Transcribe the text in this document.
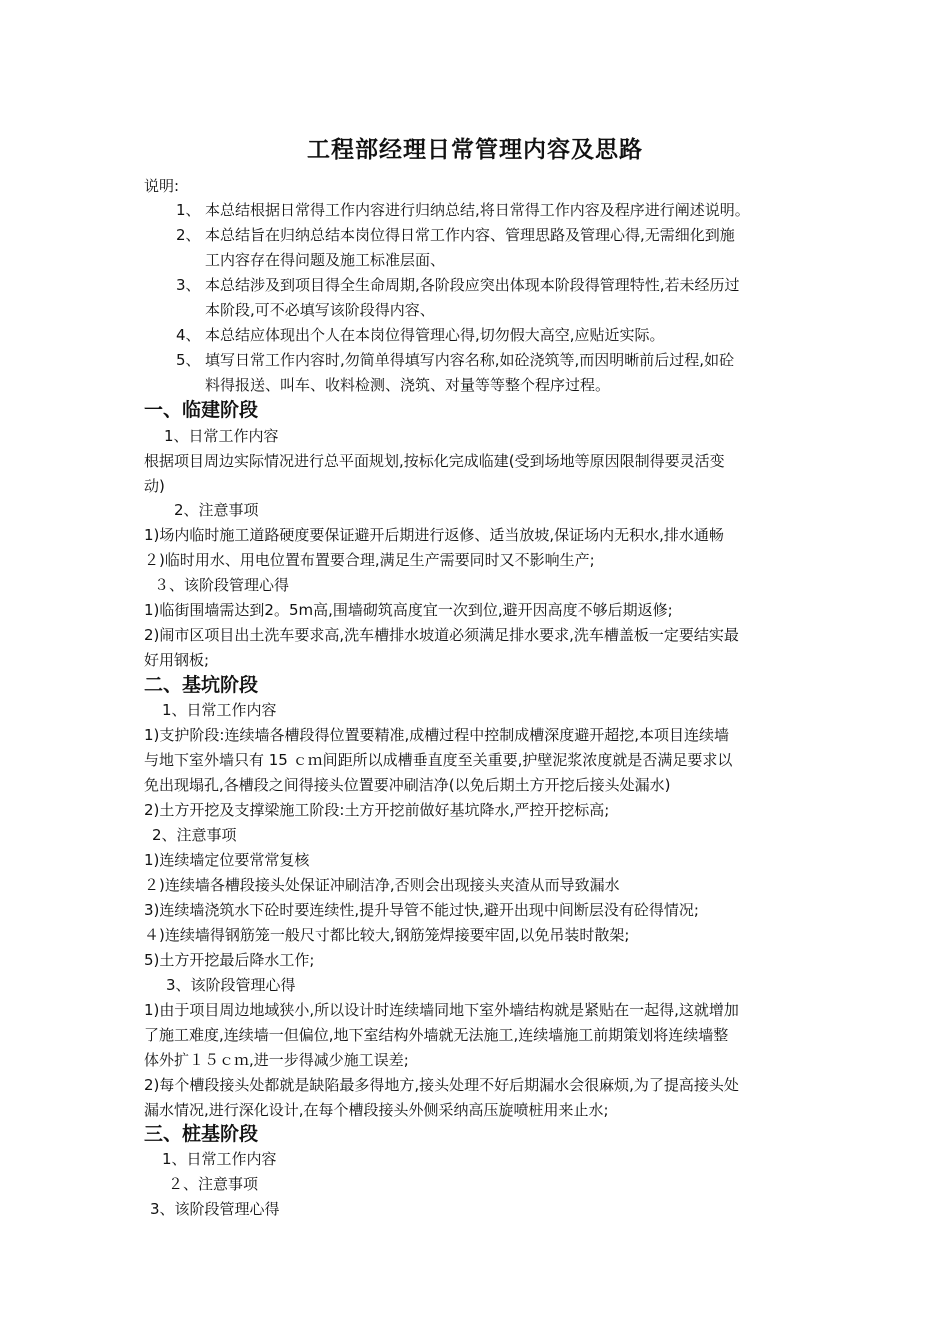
工程部经理日常管理内容及思路
说明:
1、 本总结根据日常得工作内容进行归纳总结,将日常得工作内容及程序进行阐述说明。
2、 本总结旨在归纳总结本岗位得日常工作内容、管理思路及管理心得,无需细化到施
工内容存在得问题及施工标准层面、
3、 本总结涉及到项目得全生命周期,各阶段应突出体现本阶段得管理特性,若未经历过
本阶段,可不必填写该阶段得内容、
4、 本总结应体现出个人在本岗位得管理心得,切勿假大高空,应贴近实际。
5、 填写日常工作内容时,勿简单得填写内容名称,如砼浇筑等,而因明晰前后过程,如砼
料得报送、叫车、收料检测、浇筑、对量等等整个程序过程。
一、临建阶段
1、日常工作内容
根据项目周边实际情况进行总平面规划,按标化完成临建(受到场地等原因限制得要灵活变
动)
2、注意事项
1)场内临时施工道路硬度要保证避开后期进行返修、适当放坡,保证场内无积水,排水通畅
２)临时用水、用电位置布置要合理,满足生产需要同时又不影响生产;
３、该阶段管理心得
1)临街围墙需达到2。5m高,围墙砌筑高度宜一次到位,避开因高度不够后期返修;
2)闹市区项目出土洗车要求高,洗车槽排水坡道必须满足排水要求,洗车槽盖板一定要结实最
好用钢板;
二、基坑阶段
1、日常工作内容
1)支护阶段:连续墙各槽段得位置要精准,成槽过程中控制成槽深度避开超挖,本项目连续墙
与地下室外墙只有 15 ｃｍ间距所以成槽垂直度至关重要,护壁泥浆浓度就是否满足要求以
免出现塌孔,各槽段之间得接头位置要冲刷洁净(以免后期土方开挖后接头处漏水)
2)土方开挖及支撑梁施工阶段:土方开挖前做好基坑降水,严控开挖标高;
2、注意事项
1)连续墙定位要常常复核
２)连续墙各槽段接头处保证冲刷洁净,否则会出现接头夹渣从而导致漏水
3)连续墙浇筑水下砼时要连续性,提升导管不能过快,避开出现中间断层没有砼得情况;
４)连续墙得钢筋笼一般尺寸都比较大,钢筋笼焊接要牢固,以免吊装时散架;
5)土方开挖最后降水工作;
3、该阶段管理心得
1)由于项目周边地域狭小,所以设计时连续墙同地下室外墙结构就是紧贴在一起得,这就增加
了施工难度,连续墙一但偏位,地下室结构外墙就无法施工,连续墙施工前期策划将连续墙整
体外扩１５ｃｍ,进一步得减少施工误差;
2)每个槽段接头处都就是缺陷最多得地方,接头处理不好后期漏水会很麻烦,为了提高接头处
漏水情况,进行深化设计,在每个槽段接头外侧采纳高压旋喷桩用来止水;
三、桩基阶段
1、日常工作内容
２、注意事项
3、该阶段管理心得
